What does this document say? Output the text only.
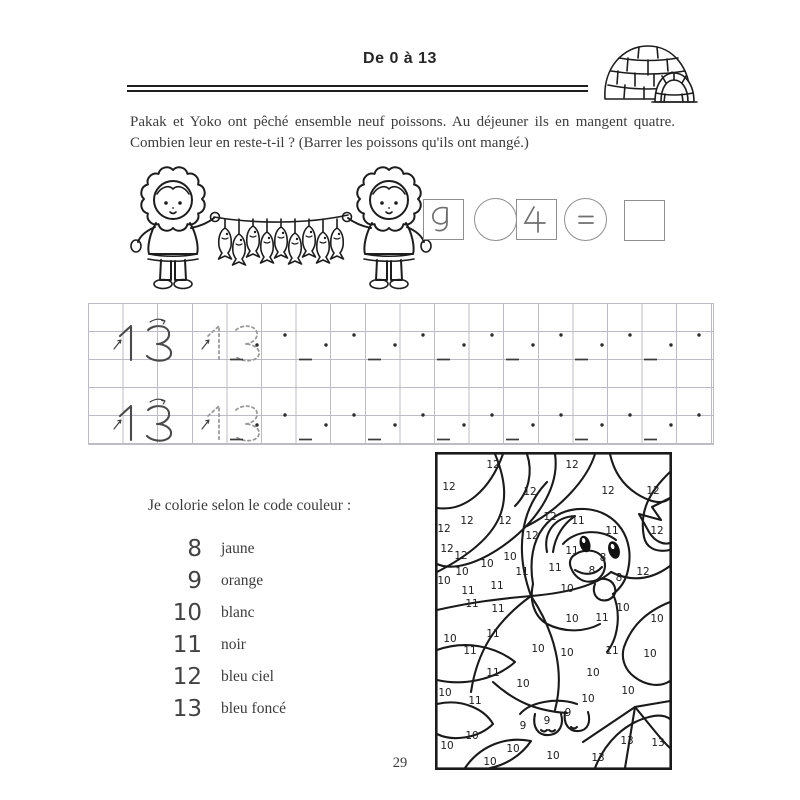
De 0 à 13
Pakak et Yoko ont pêché ensemble neuf poissons. Au déjeuner ils en mangent quatre.
Combien leur en reste-t-il ? (Barrer les poissons qu'ils ont mangé.)
Je colorie selon le code couleur :
8 jaune
9 orange
10 blanc
11 noir
12 bleu ciel
13 bleu foncé
12	12
12	12	12	12
12 11
12 12
11	12
12
12
11
12
12
10
10	8
8
8
10	11 11	12
10
10
11 11
11 11	10
10 11	10
10	11
11	10 10	11 10
11	10
10
10	10
11	10
9
9
9
10
10	13 13
10
10	13
10
29
